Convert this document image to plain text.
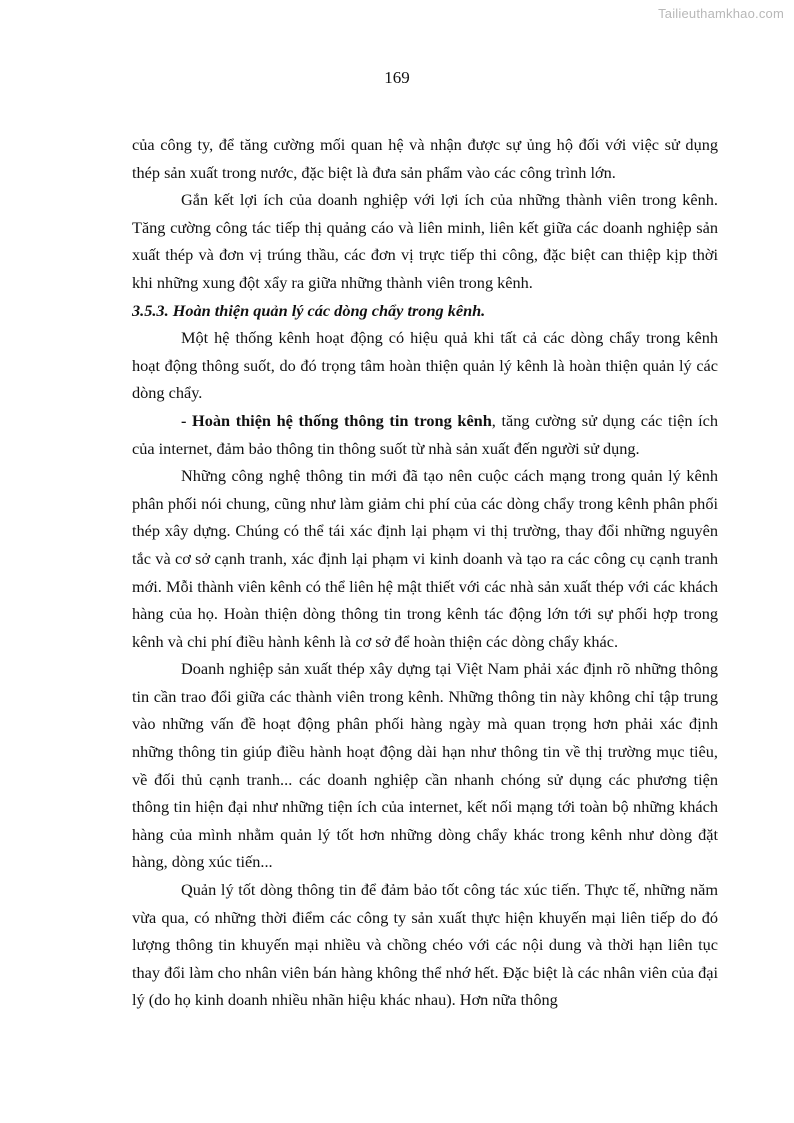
Tailieuthamkhao.com
169

của công ty, để tăng cường mối quan hệ và nhận được sự ủng hộ đối với việc sử dụng thép sản xuất trong nước, đặc biệt là đưa sản phẩm vào các công trình lớn.

Gắn kết lợi ích của doanh nghiệp với lợi ích của những thành viên trong kênh. Tăng cường công tác tiếp thị quảng cáo và liên minh, liên kết giữa các doanh nghiệp sản xuất thép và đơn vị trúng thầu, các đơn vị trực tiếp thi công, đặc biệt can thiệp kịp thời khi những xung đột xẩy ra giữa những thành viên trong kênh.

3.5.3. Hoàn thiện quản lý các dòng chẩy trong kênh.

Một hệ thống kênh hoạt động có hiệu quả khi tất cả các dòng chẩy trong kênh hoạt động thông suốt, do đó trọng tâm hoàn thiện quản lý kênh là hoàn thiện quản lý các dòng chẩy.

- Hoàn thiện hệ thống thông tin trong kênh, tăng cường sử dụng các tiện ích của internet, đảm bảo thông tin thông suốt từ nhà sản xuất đến người sử dụng.

Những công nghệ thông tin mới đã tạo nên cuộc cách mạng trong quản lý kênh phân phối nói chung, cũng như làm giảm chi phí của các dòng chẩy trong kênh phân phối thép xây dựng. Chúng có thể tái xác định lại phạm vi thị trường, thay đổi những nguyên tắc và cơ sở cạnh tranh, xác định lại phạm vi kinh doanh và tạo ra các công cụ cạnh tranh mới. Mỗi thành viên kênh có thể liên hệ mật thiết với các nhà sản xuất thép với các khách hàng của họ. Hoàn thiện dòng thông tin trong kênh tác động lớn tới sự phối hợp trong kênh và chi phí điều hành kênh là cơ sở để hoàn thiện các dòng chẩy khác.

Doanh nghiệp sản xuất thép xây dựng tại Việt Nam phải xác định rõ những thông tin cần trao đổi giữa các thành viên trong kênh. Những thông tin này không chỉ tập trung vào những vấn đề hoạt động phân phối hàng ngày mà quan trọng hơn phải xác định những thông tin giúp điều hành hoạt động dài hạn như thông tin về thị trường mục tiêu, về đối thủ cạnh tranh... các doanh nghiệp cần nhanh chóng sử dụng các phương tiện thông tin hiện đại như những tiện ích của internet, kết nối mạng tới toàn bộ những khách hàng của mình nhằm quản lý tốt hơn những dòng chẩy khác trong kênh như dòng đặt hàng, dòng xúc tiến...

Quản lý tốt dòng thông tin để đảm bảo tốt công tác xúc tiến. Thực tế, những năm vừa qua, có những thời điểm các công ty sản xuất thực hiện khuyến mại liên tiếp do đó lượng thông tin khuyến mại nhiều và chồng chéo với các nội dung và thời hạn liên tục thay đổi làm cho nhân viên bán hàng không thể nhớ hết. Đặc biệt là các nhân viên của đại lý (do họ kinh doanh nhiều nhãn hiệu khác nhau). Hơn nữa thông
